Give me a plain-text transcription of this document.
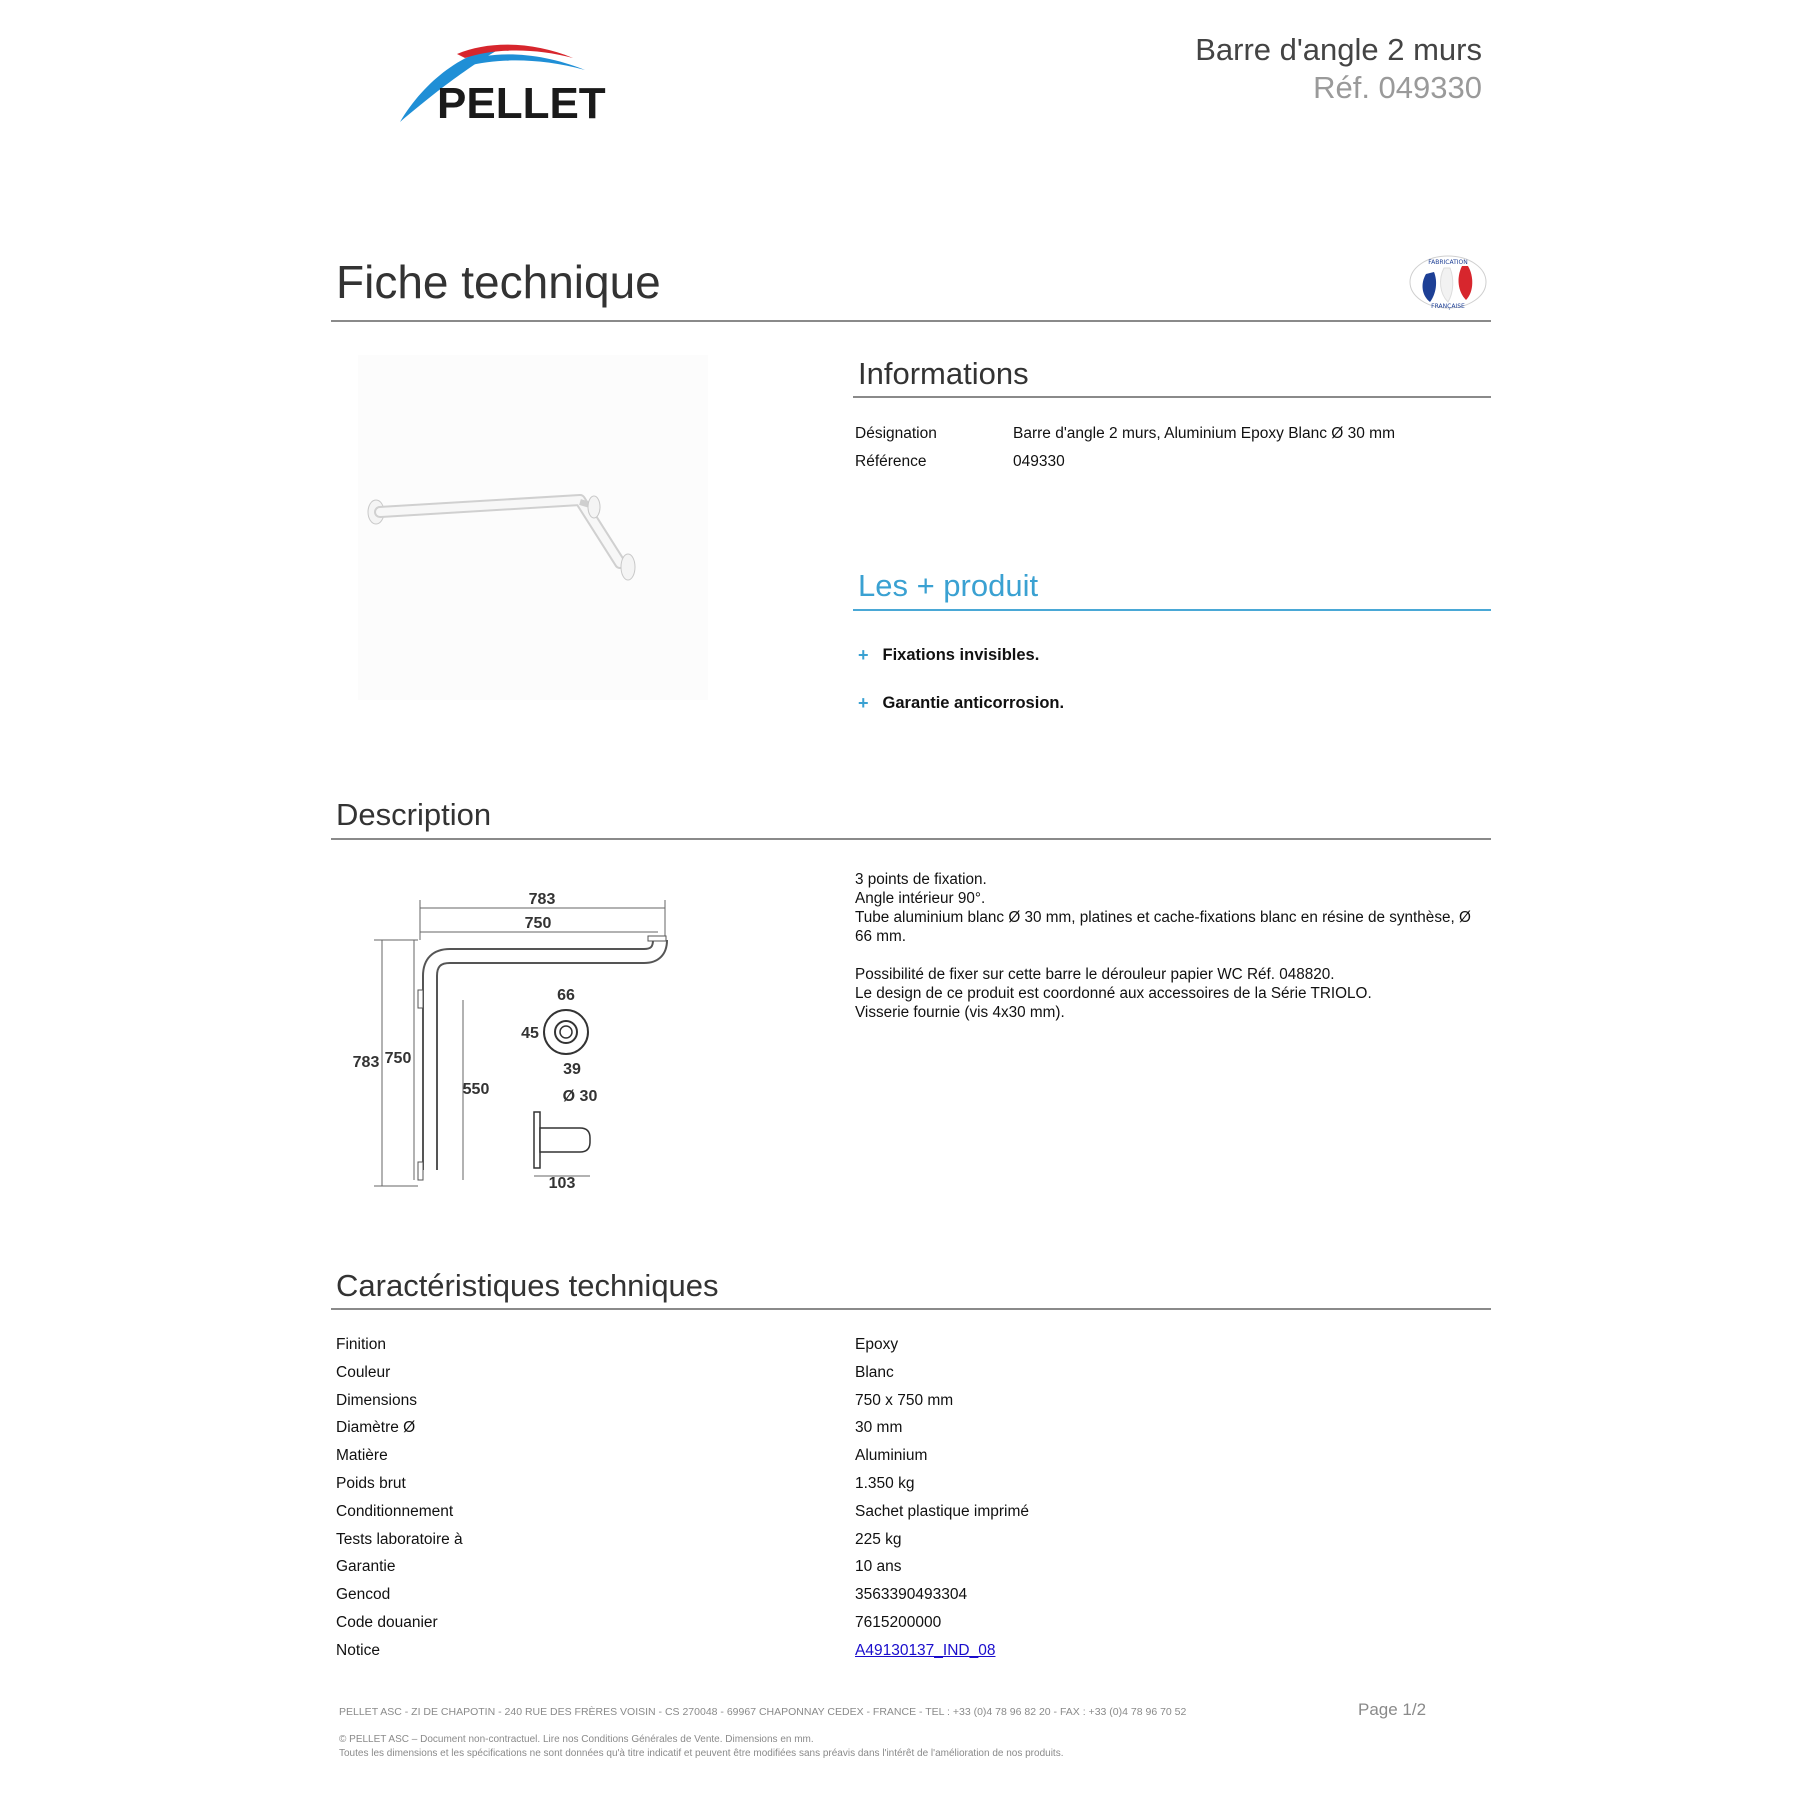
PELLET
Barre d'angle 2 murs
Réf. 049330
Fiche technique	FABRICATION
FRANÇAISE
Informations
Désignation	Barre d'angle 2 murs, Aluminium Epoxy Blanc Ø 30 mm
Référence	049330
Les + produit
+ Fixations invisibles.
+ Garantie anticorrosion.
Description
783
750
783 750
550
66
45
39
Ø 30
103

3 points de fixation.

Angle intérieur 90°.

Tube aluminium blanc Ø 30 mm, platines et cache-fixations blanc en résine de synthèse, Ø

66 mm.

Possibilité de fixer sur cette barre le dérouleur papier WC Réf. 048820.

Le design de ce produit est coordonné aux accessoires de la Série TRIOLO.

Visserie fournie (vis 4x30 mm).

Caractéristiques techniques
Finition	Epoxy
Couleur	Blanc
Dimensions	750 x 750 mm
Diamètre Ø	30 mm
Matière	Aluminium
Poids brut	1.350 kg
Conditionnement	Sachet plastique imprimé
Tests laboratoire à	225 kg
Garantie	10 ans
Gencod	3563390493304
Code douanier	7615200000
Notice	A49130137_IND_08
PELLET ASC - ZI DE CHAPOTIN - 240 RUE DES FRÈRES VOISIN - CS 270048 - 69967 CHAPONNAY CEDEX - FRANCE - TEL : +33 (0)4 78 96 82 20 - FAX : +33 (0)4 78 96 70 52	Page 1/2
© PELLET ASC – Document non-contractuel. Lire nos Conditions Générales de Vente. Dimensions en mm.
Toutes les dimensions et les spécifications ne sont données qu'à titre indicatif et peuvent être modifiées sans préavis dans l'intérêt de l'amélioration de nos produits.
